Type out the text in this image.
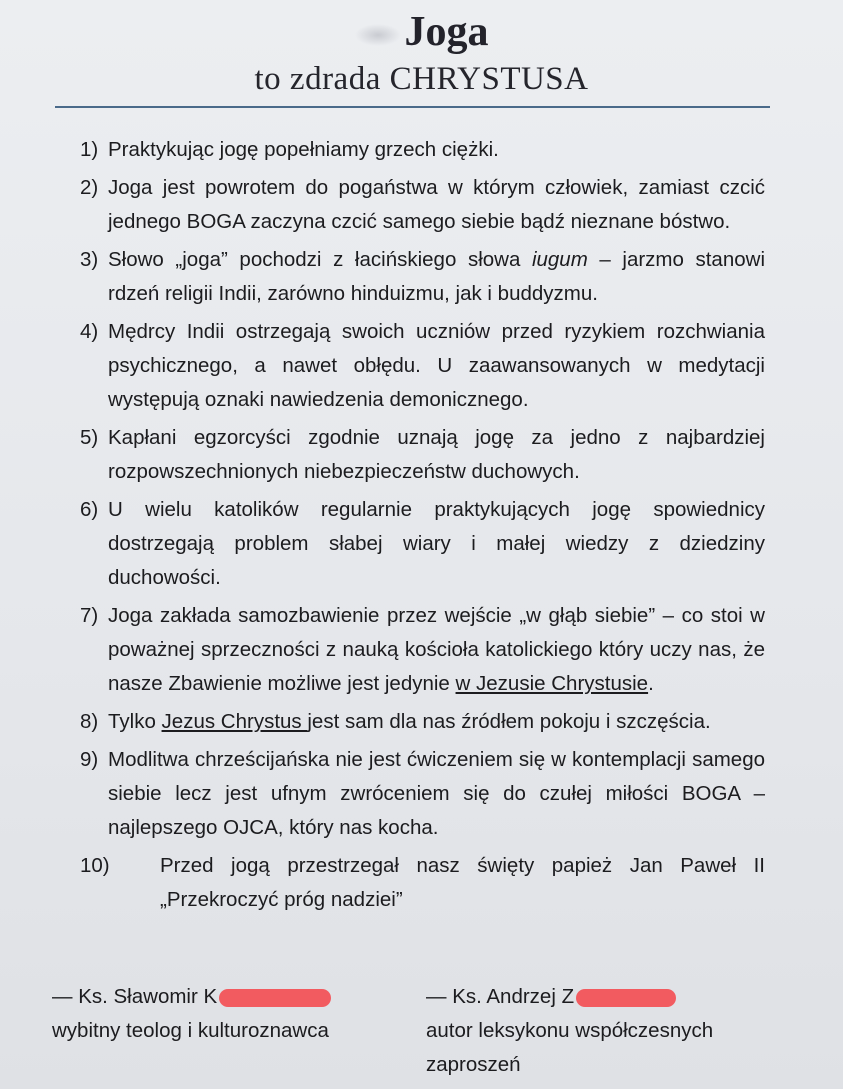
Joga
to zdrada CHRYSTUSA
1) Praktykując jogę popełniamy grzech ciężki.
2) Joga jest powrotem do pogaństwa w którym człowiek, zamiast czcić jednego BOGA zaczyna czcić samego siebie bądź nieznane bóstwo.
3) Słowo „joga” pochodzi z łacińskiego słowa iugum – jarzmo stanowi rdzeń religii Indii, zarówno hinduizmu, jak i buddyzmu.
4) Mędrcy Indii ostrzegają swoich uczniów przed ryzykiem rozchwiania psychicznego, a nawet obłędu. U zaawansowanych w medytacji występują oznaki nawiedzenia demonicznego.
5) Kapłani egzorcyści zgodnie uznają jogę za jedno z najbardziej rozpowszechnionych niebezpieczeństw duchowych.
6) U wielu katolików regularnie praktykujących jogę spowiednicy dostrzegają problem słabej wiary i małej wiedzy z dziedziny duchowości.
7) Joga zakłada samozbawienie przez wejście „w głąb siebie” – co stoi w poważnej sprzeczności z nauką kościoła katolickiego który uczy nas, że nasze Zbawienie możliwe jest jedynie w Jezusie Chrystusie.
8) Tylko Jezus Chrystus jest sam dla nas źródłem pokoju i szczęścia.
9) Modlitwa chrześcijańska nie jest ćwiczeniem się w kontemplacji samego siebie lecz jest ufnym zwróceniem się do czułej miłości BOGA – najlepszego OJCA, który nas kocha.
10)	Przed jogą przestrzegał nasz święty papież Jan Paweł II „Przekroczyć próg nadziei”
— Ks. Sławomir K
wybitny teolog i kulturoznawca
— Ks. Andrzej Z
autor leksykonu współczesnych zaproszeń
